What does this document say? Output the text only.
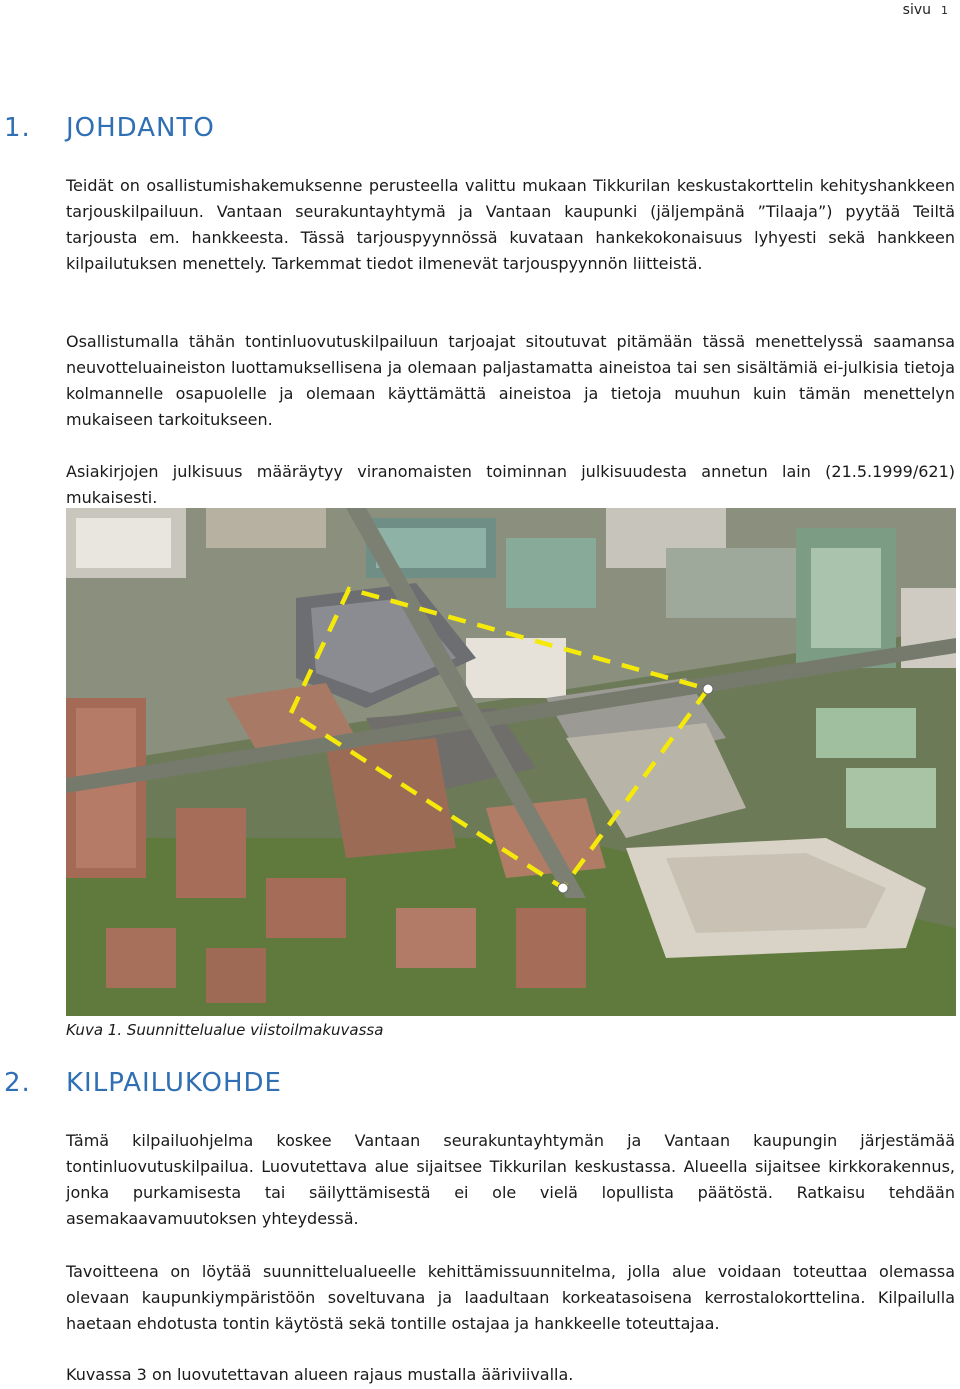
sivu 1
1. JOHDANTO

Teidät on osallistumishakemuksenne perusteella valittu mukaan Tikkurilan keskustakorttelin kehityshankkeen tarjouskilpailuun. Vantaan seurakuntayhtymä ja Vantaan kaupunki (jäljempänä ”Tilaaja”) pyytää Teiltä tarjousta em. hankkeesta. Tässä tarjouspyynnössä kuvataan hankekokonaisuus lyhyesti sekä hankkeen kilpailutuksen menettely. Tarkemmat tiedot ilmenevät tarjouspyynnön liitteistä.

Osallistumalla tähän tontinluovutuskilpailuun tarjoajat sitoutuvat pitämään tässä menettelyssä saamansa neuvotteluaineiston luottamuksellisena ja olemaan paljastamatta aineistoa tai sen sisältämiä ei-julkisia tietoja kolmannelle osapuolelle ja olemaan käyttämättä aineistoa ja tietoja muuhun kuin tämän menettelyn mukaiseen tarkoitukseen.

Asiakirjojen julkisuus määräytyy viranomaisten toiminnan julkisuudesta annetun lain (21.5.1999/621) mukaisesti.

Kuva 1. Suunnittelualue viistoilmakuvassa

2. KILPAILUKOHDE

Tämä kilpailuohjelma koskee Vantaan seurakuntayhtymän ja Vantaan kaupungin järjestämää tontinluovutuskilpailua. Luovutettava alue sijaitsee Tikkurilan keskustassa. Alueella sijaitsee kirkkorakennus, jonka purkamisesta tai säilyttämisestä ei ole vielä lopullista päätöstä. Ratkaisu tehdään asemakaavamuutoksen yhteydessä.

Tavoitteena on löytää suunnittelualueelle kehittämissuunnitelma, jolla alue voidaan toteuttaa olemassa olevaan kaupunkiympäristöön soveltuvana ja laadultaan korkeatasoisena kerrostalokorttelina. Kilpailulla haetaan ehdotusta tontin käytöstä sekä tontille ostajaa ja hankkeelle toteuttajaa.

Kuvassa 3 on luovutettavan alueen rajaus mustalla ääriviivalla.
